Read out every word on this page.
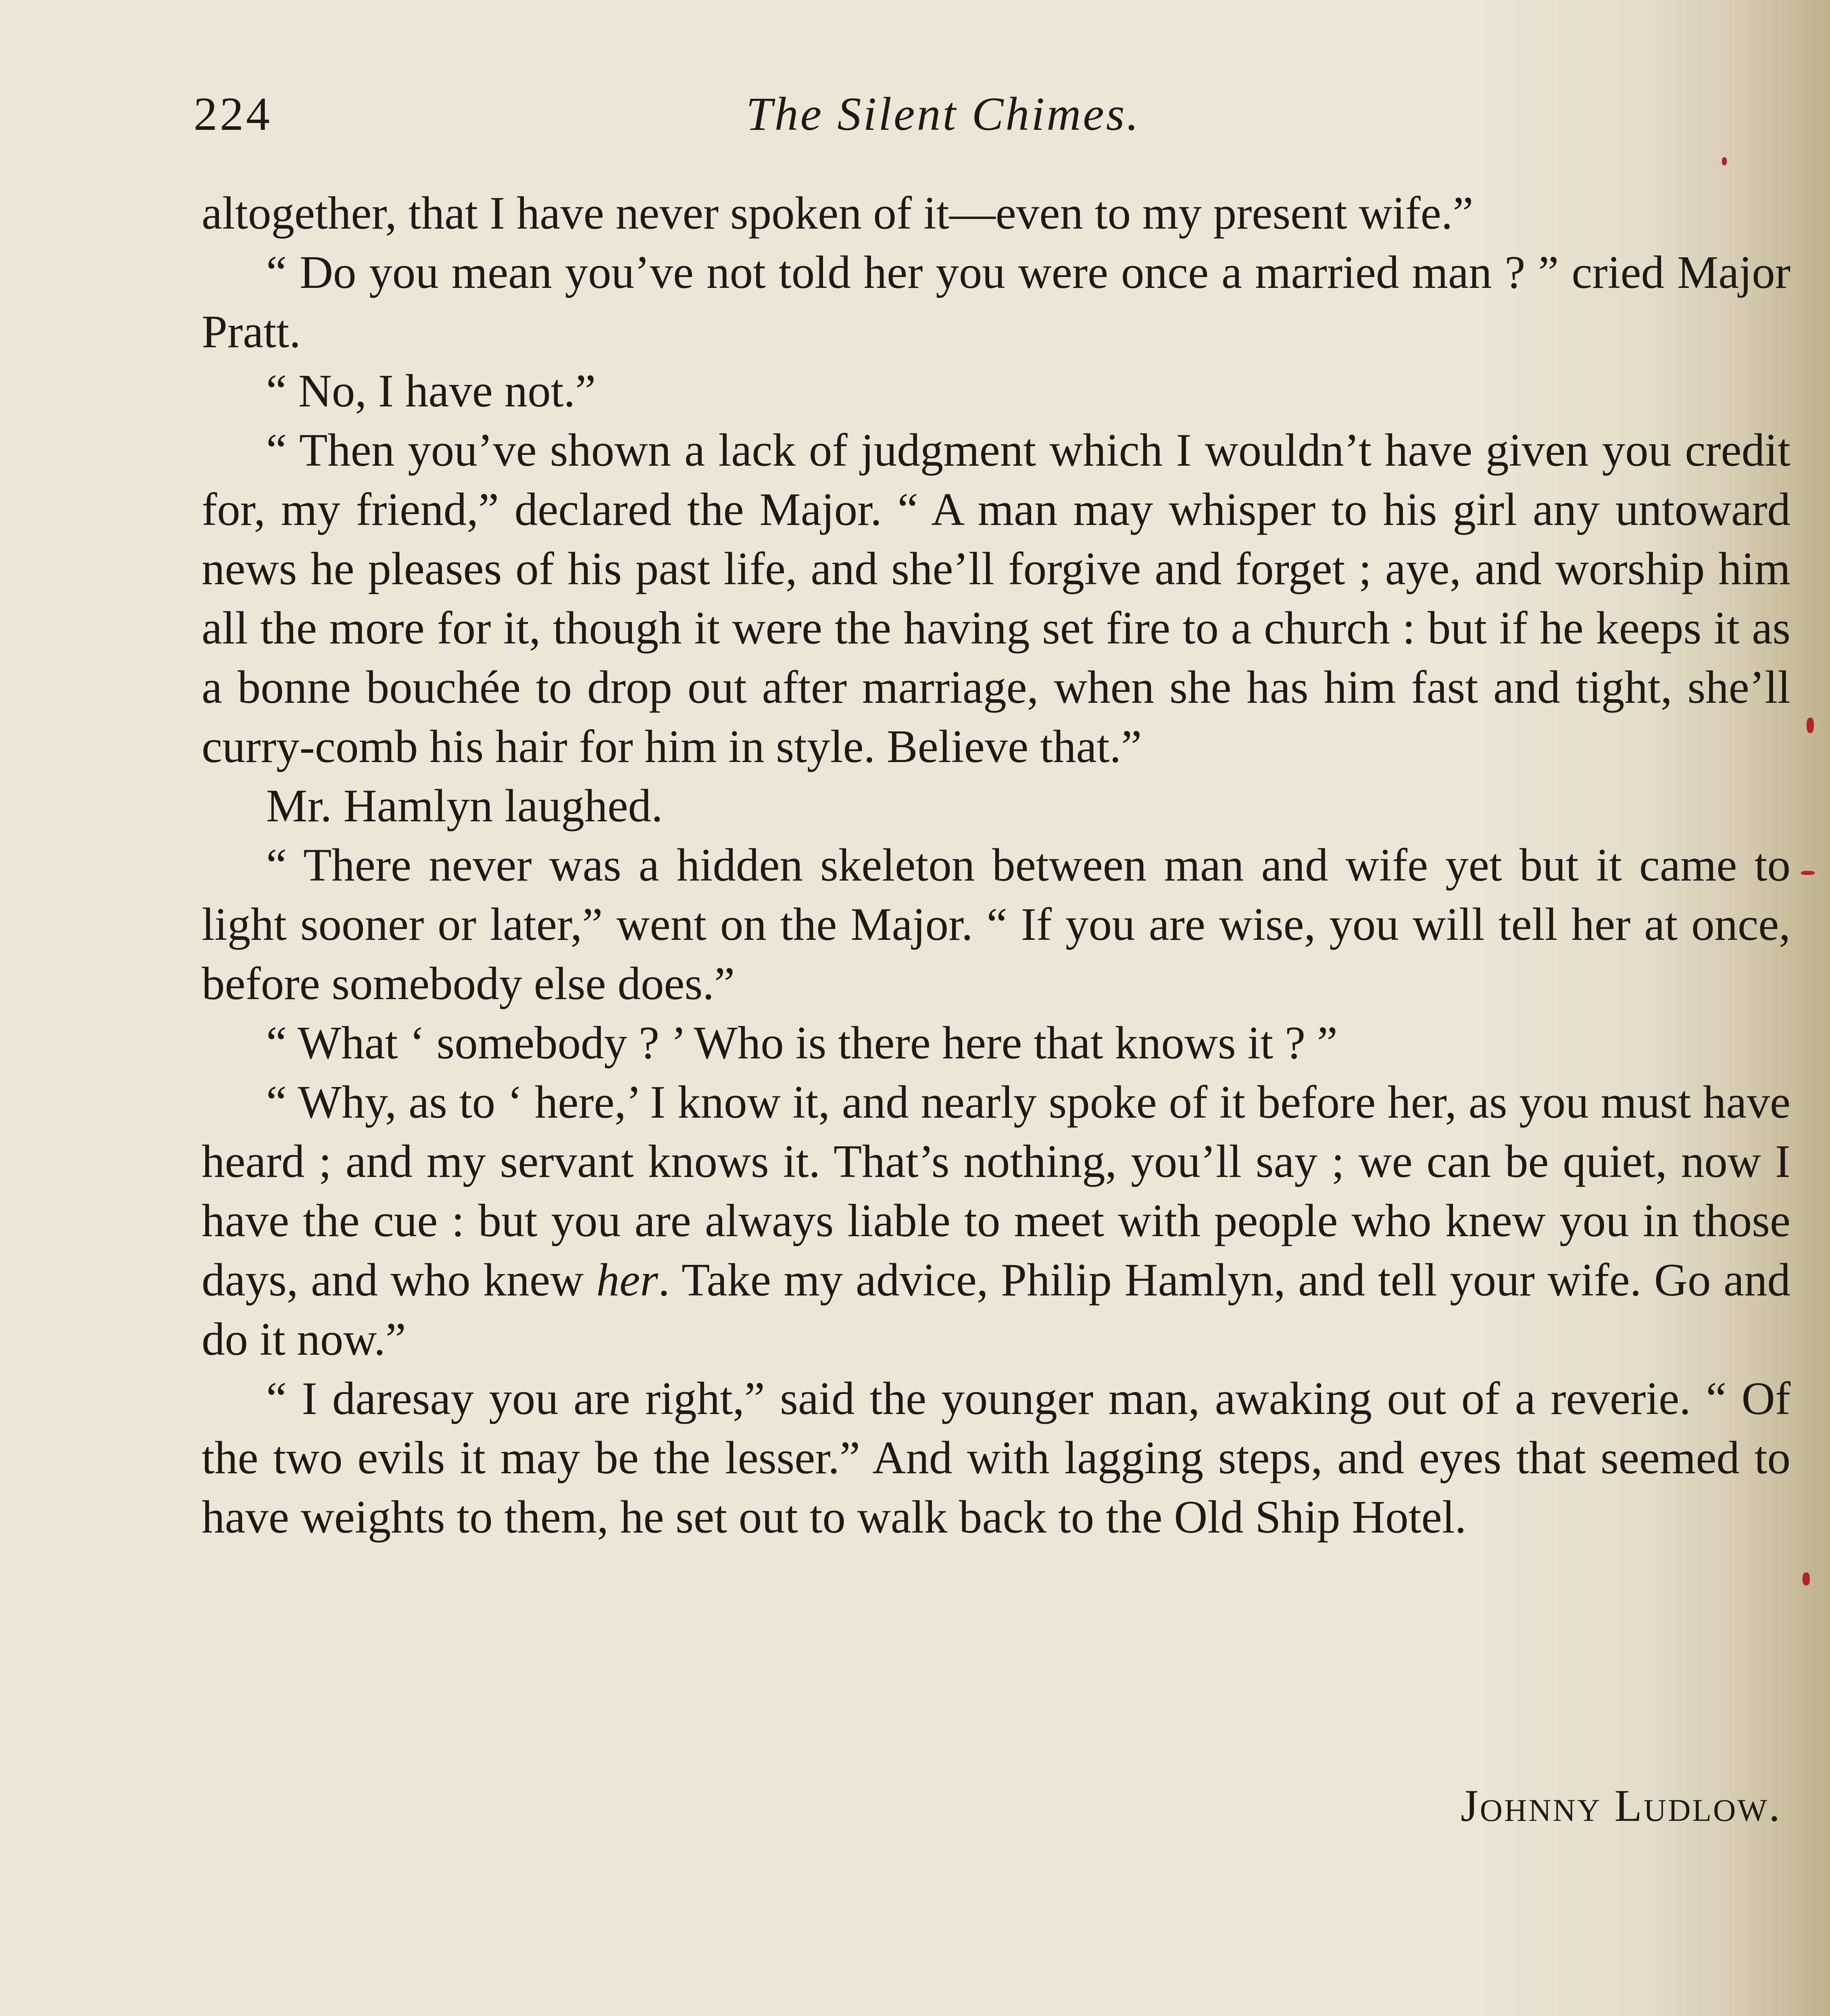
224	The Silent Chimes.

altogether, that I have never spoken of it—even to my present wife.”

“ Do you mean you’ve not told her you were once a married man ? ” cried Major Pratt.

“ No, I have not.”

“ Then you’ve shown a lack of judgment which I wouldn’t have given you credit for, my friend,” declared the Major. “ A man may whisper to his girl any untoward news he pleases of his past life, and she’ll forgive and forget ; aye, and worship him all the more for it, though it were the having set fire to a church : but if he keeps it as a bonne bouchée to drop out after marriage, when she has him fast and tight, she’ll curry-comb his hair for him in style. Believe that.”

Mr. Hamlyn laughed.

“ There never was a hidden skeleton between man and wife yet but it came to light sooner or later,” went on the Major. “ If you are wise, you will tell her at once, before somebody else does.”

“ What ‘ somebody ? ’ Who is there here that knows it ? ”

“ Why, as to ‘ here,’ I know it, and nearly spoke of it before her, as you must have heard ; and my servant knows it. That’s nothing, you’ll say ; we can be quiet, now I have the cue : but you are always liable to meet with people who knew you in those days, and who knew her. Take my advice, Philip Hamlyn, and tell your wife. Go and do it now.”

“ I daresay you are right,” said the younger man, awaking out of a reverie. “ Of the two evils it may be the lesser.” And with lagging steps, and eyes that seemed to have weights to them, he set out to walk back to the Old Ship Hotel.

Johnny Ludlow.
